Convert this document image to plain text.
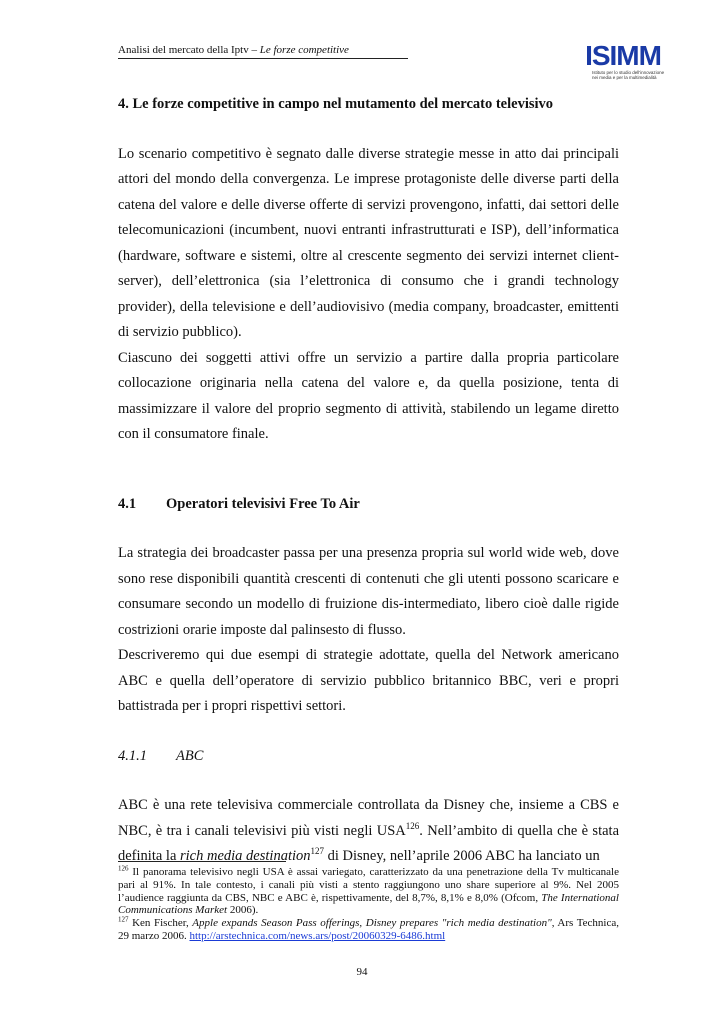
Analisi del mercato della Iptv – Le forze competitive	ISIMM
Istituto per lo studio dell'innovazione
nei media e per la multimedialità

4. Le forze competitive in campo nel mutamento del mercato televisivo

Lo scenario competitivo è segnato dalle diverse strategie messe in atto dai principali attori del mondo della convergenza. Le imprese protagoniste delle diverse parti della catena del valore e delle diverse offerte di servizi provengono, infatti, dai settori delle telecomunicazioni (incumbent, nuovi entranti infrastrutturati e ISP), dell’informatica (hardware, software e sistemi, oltre al crescente segmento dei servizi internet client-server), dell’elettronica (sia l’elettronica di consumo che i grandi technology provider), della televisione e dell’audiovisivo (media company, broadcaster, emittenti di servizio pubblico).

Ciascuno dei soggetti attivi offre un servizio a partire dalla propria particolare collocazione originaria nella catena del valore e, da quella posizione, tenta di massimizzare il valore del proprio segmento di attività, stabilendo un legame diretto con il consumatore finale.

4.1 Operatori televisivi Free To Air

La strategia dei broadcaster passa per una presenza propria sul world wide web, dove sono rese disponibili quantità crescenti di contenuti che gli utenti possono scaricare e consumare secondo un modello di fruizione dis-intermediato, libero cioè dalle rigide costrizioni orarie imposte dal palinsesto di flusso.

Descriveremo qui due esempi di strategie adottate, quella del Network americano ABC e quella dell’operatore di servizio pubblico britannico BBC, veri e propri battistrada per i propri rispettivi settori.

4.1.1 ABC

ABC è una rete televisiva commerciale controllata da Disney che, insieme a CBS e NBC, è tra i canali televisivi più visti negli USA$^{126}$. Nell’ambito di quella che è stata definita la rich media destination$^{127}$ di Disney, nell’aprile 2006 ABC ha lanciato un

$^{126}$ Il panorama televisivo negli USA è assai variegato, caratterizzato da una penetrazione della Tv multicanale pari al 91%. In tale contesto, i canali più visti a stento raggiungono uno share superiore al 9%. Nel 2005 l’audience raggiunta da CBS, NBC e ABC è, rispettivamente, del 8,7%, 8,1% e 8,0% (Ofcom, The International Communications Market 2006).

$^{127}$ Ken Fischer, Apple expands Season Pass offerings, Disney prepares "rich media destination", Ars Technica, 29 marzo 2006. http://arstechnica.com/news.ars/post/20060329-6486.html

94
